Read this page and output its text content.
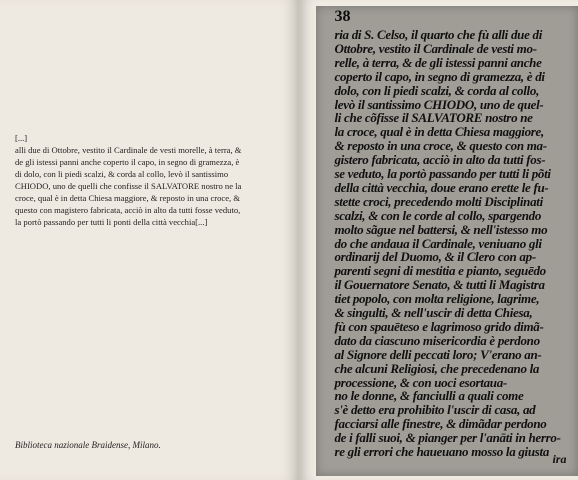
[...]
alli due di Ottobre, vestito il Cardinale de vesti morelle, à terra, &
de gli istessi panni anche coperto il capo, in segno di gramezza, è
di dolo, con li piedi scalzi, & corda al collo, levò il santissimo
CHIODO, uno de quelli che confisse il SALVATORE nostro ne la
croce, qual è in detta Chiesa maggiore, & reposto in una croce, &
questo con magistero fabricata, acciò in alto da tutti fosse veduto,
la portò passando per tutti li ponti della città vecchia[...]
Biblioteca nazionale Braidense, Milano.
38
ira
ria di S. Celso, il quarto che fù alli due di
Ottobre, vestito il Cardinale de vesti mo-
relle, à terra, & de gli istessi panni anche
coperto il capo, in segno di gramezza, è di
dolo, con li piedi scalzi, & corda al collo,
levò il santissimo CHIODO, uno de quel-
li che cõfisse il SALVATORE nostro ne
la croce, qual è in detta Chiesa maggiore,
& reposto in una croce, & questo con ma-
gistero fabricata, acciò in alto da tutti fos-
se veduto, la portò passando per tutti li põti
della città vecchia, doue erano erette le fu-
stette croci, precedendo molti Disciplinati
scalzi, & con le corde al collo, spargendo
molto sãgue nel battersi, & nell'istesso mo
do che andaua il Cardinale, veniuano gli
ordinarij del Duomo, & il Clero con ap-
parenti segni di mestitia e pianto, seguēdo
il Gouernatore Senato, & tutti li Magistra
tiet popolo, con molta religione, lagrime,
& singulti, & nell'uscir di detta Chiesa,
fù con spauēteso e lagrimoso grido dimã-
dato da ciascuno misericordia è perdono
al Signore delli peccati loro; V'erano an-
che alcuni Religiosi, che precedenano la
processione, & con uoci esortaua-
no le donne, & fanciulli a quali come
s'è detto era prohibito l'uscir di casa, ad
facciarsi alle finestre, & dimãdar perdono
de i falli suoi, & pianger per l'anāti in herro-
re gli errori che haueuano mosso la giusta
